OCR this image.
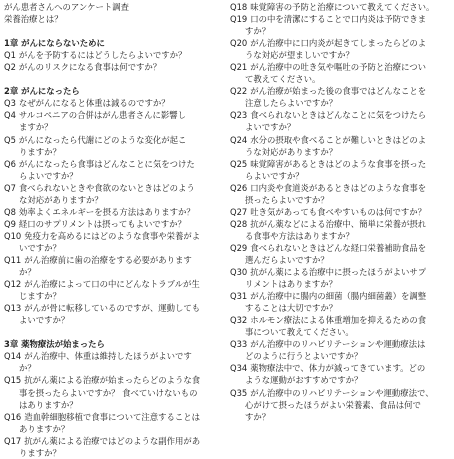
がん患者さんへのアンケート調査
栄養治療とは？
1章 がんにならないために
Q1 がんを予防するにはどうしたらよいですか？
Q2 がんのリスクになる食事は何ですか？
2章 がんになったら
Q3 なぜがんになると体重は減るのですか？
Q4 サルコペニアの合併はがん患者さんに影響し
ますか？
Q5 がんになったら代謝にどのような変化が起こ
りますか？
Q6 がんになったら食事はどんなことに気をつけた
らよいですか？
Q7 食べられないときや食欲のないときはどのよう
な対応がありますか？
Q8 効率よくエネルギーを摂る方法はありますか？
Q9 経口のサプリメントは摂ってもよいですか？
Q10 免疫力を高めるにはどのような食事や栄養がよ
いですか？
Q11 がん治療前に歯の治療をする必要があります
か？
Q12 がん治療によって口の中にどんなトラブルが生
じますか？
Q13 がんが骨に転移しているのですが、運動しても
よいですか？
3章 薬物療法が始まったら
Q14 がん治療中、体重は維持したほうがよいです
か？
Q15 抗がん薬による治療が始まったらどのような食
事を摂ったらよいですか？ 食べていけないもの
はありますか？
Q16 造血幹細胞移植で食事について注意することは
ありますか？
Q17 抗がん薬による治療ではどのような副作用があ
りますか？
Q18 味覚障害の予防と治療について教えてください。
Q19 口の中を清潔にすることで口内炎は予防できま
すか？
Q20 がん治療中に口内炎が起きてしまったらどのよ
うな対応が望ましいですか？
Q21 がん治療中の吐き気や嘔吐の予防と治療につい
て教えてください。
Q22 がん治療が始まった後の食事ではどんなことを
注意したらよいですか？
Q23 食べられないときはどんなことに気をつけたら
よいですか？
Q24 水分の摂取や食べることが難しいときはどのよ
うな対応がありますか？
Q25 味覚障害があるときはどのような食事を摂った
らよいですか？
Q26 口内炎や食道炎があるときはどのような食事を
摂ったらよいですか？
Q27 吐き気があっても食べやすいものは何ですか？
Q28 抗がん薬などによる治療中、簡単に栄養が摂れ
る食事や方法はありますか？
Q29 食べられないときはどんな経口栄養補助食品を
選んだらよいですか？
Q30 抗がん薬による治療中に摂ったほうがよいサプ
リメントはありますか？
Q31 がん治療中に腸内の細菌（腸内細菌叢）を調整
することは大切ですか？
Q32 ホルモン療法による体重増加を抑えるための食
事について教えてください。
Q33 がん治療中のリハビリテーションや運動療法は
どのように行うとよいですか？
Q34 薬物療法中で、体力が減ってきています。どの
ような運動がおすすめですか？
Q35 がん治療中のリハビリテーションや運動療法で、
心がけて摂ったほうがよい栄養素、食品は何で
すか？
